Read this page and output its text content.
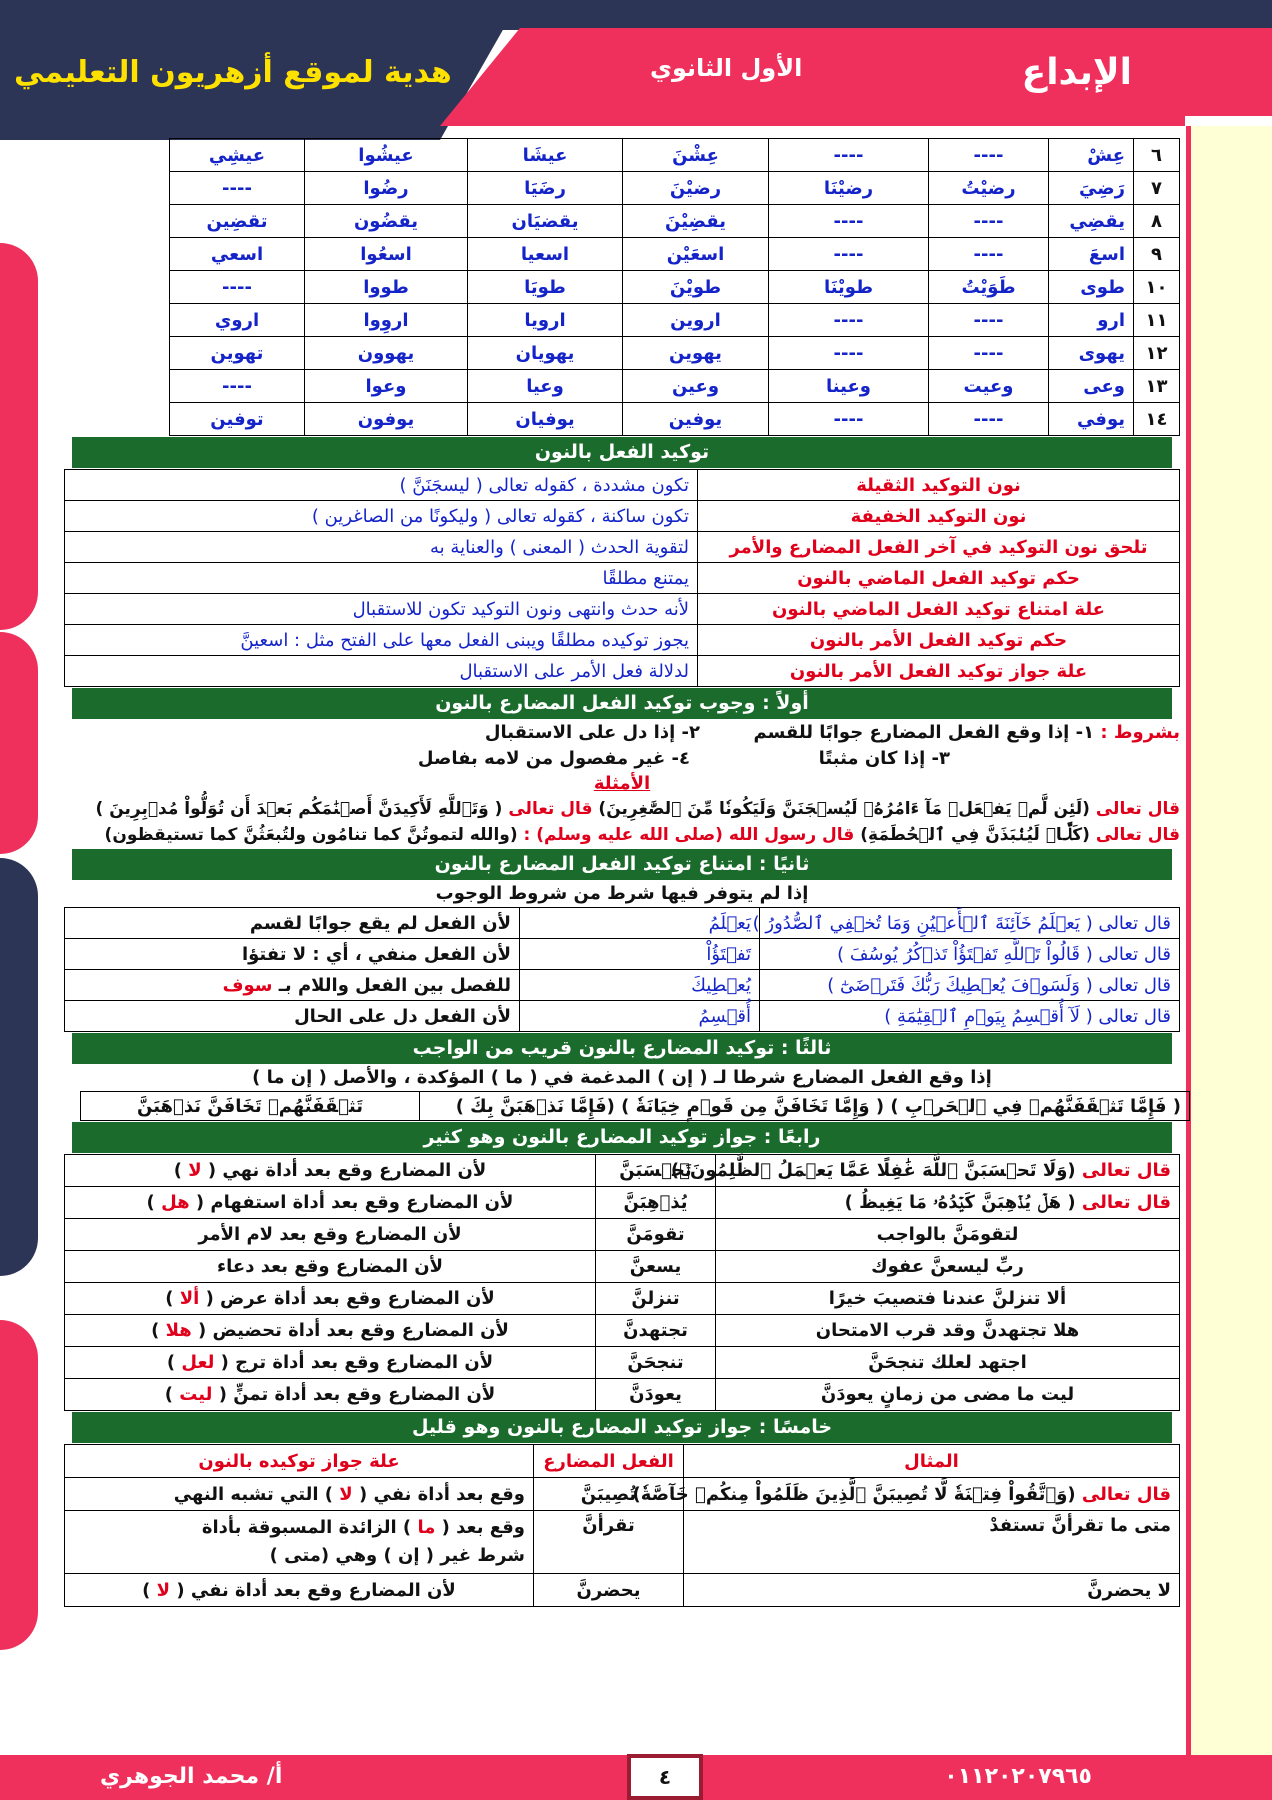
الإبداع
الأول الثانوي
هدية لموقع أزهريون التعليمي
٦	عِشْ	----	----	عِشْنَ	عيشَا	عيشُوا	عيشِي
٧	رَضِيَ	رضيْتُ	رضيْنَا	رضيْنَ	رضَيَا	رضُوا	----
٨	يقضِي	----	----	يقضِيْنَ	يقضيَان	يقضُون	تقضِين
٩	اسعَ	----	----	اسعَيْن	اسعيا	اسعُوا	اسعي
١٠	طوى	طَوَيْتُ	طويْنَا	طويْنَ	طويَا	طووا	----
١١	ارو	----	----	اروين	ارويا	اروِوا	اروي
١٢	يهوى	----	----	يهوين	يهويان	يهوون	تهوين
١٣	وعى	وعيت	وعينا	وعين	وعيا	وعوا	----
١٤	يوفي	----	----	يوفين	يوفيان	يوفون	توفين
توكيد الفعل بالنون
نون التوكيد الثقيلة	تكون مشددة ، كقوله تعالى ( ليسجَنَنَّ )
نون التوكيد الخفيفة	تكون ساكنة ، كقوله تعالى ( وليكونًا من الصاغرين )
تلحق نون التوكيد في آخر الفعل المضارع والأمر	لتقوية الحدث ( المعنى ) والعناية به
حكم توكيد الفعل الماضي بالنون	يمتنع مطلقًا
علة امتناع توكيد الفعل الماضي بالنون	لأنه حدث وانتهى ونون التوكيد تكون للاستقبال
حكم توكيد الفعل الأمر بالنون	يجوز توكيده مطلقًا ويبنى الفعل معها على الفتح مثل : اسعينَّ
علة جواز توكيد الفعل الأمر بالنون	لدلالة فعل الأمر على الاستقبال
أولاً : وجوب توكيد الفعل المضارع بالنون
بشروط : ١- إذا وقع الفعل المضارع جوابًا للقسم
٢- إذا دل على الاستقبال
٣- إذا كان مثبتًا
٤- غير مفصول من لامه بفاصل
الأمثلة
قال تعالى (لَئِن لَّمۡ يَفۡعَلۡ مَآ ءَامُرُهُۥ لَيُسۡجَنَنَّ وَلَيَكُونٗا مِّنَ ٱلصَّٰغِرِينَ) قال تعالى ( وَتَٱللَّهِ لَأَكِيدَنَّ أَصۡنَٰمَكُم بَعۡدَ أَن تُوَلُّواْ مُدۡبِرِينَ )
قال تعالى (كَلَّاۖ لَيُنۢبَذَنَّ فِي ٱلۡحُطَمَةِ) قال رسول الله (صلى الله عليه وسلم) : (والله لتموتُنَّ كما تنامُون ولتُبعَثُنَّ كما تستيقظون)
ثانيًا : امتناع توكيد الفعل المضارع بالنون
إذا لم يتوفر فيها شرط من شروط الوجوب
قال تعالى ( يَعۡلَمُ خَآئِنَةَ ٱلۡأَعۡيُنِ وَمَا تُخۡفِي ٱلصُّدُورُ )	يَعۡلَمُ	لأن الفعل لم يقع جوابًا لقسم
قال تعالى ( قَالُواْ تَٱللَّهِ تَفۡتَؤُاْ تَذۡكُرُ يُوسُفَ )	تَفۡتَؤُاْ	لأن الفعل منفي ، أي : لا تفتؤا
قال تعالى ( وَلَسَوۡفَ يُعۡطِيكَ رَبُّكَ فَتَرۡضَىٰٓ )	يُعۡطِيكَ	للفصل بين الفعل واللام بـ سوف
قال تعالى ( لَآ أُقۡسِمُ بِيَوۡمِ ٱلۡقِيَٰمَةِ )	أُقۡسِمُ	لأن الفعل دل على الحال
ثالثًا : توكيد المضارع بالنون قريب من الواجب
إذا وقع الفعل المضارع شرطا لـ ( إن ) المدغمة في ( ما ) المؤكدة ، والأصل ( إن ما )
( فَإِمَّا تَثۡقَفَنَّهُمۡ فِي ٱلۡحَرۡبِ ) ( وَإِمَّا تَخَافَنَّ مِن قَوۡمٍ خِيَانَةٗ ) (فَإِمَّا نَذۡهَبَنَّ بِكَ )	تَثۡقَفَنَّهُمۡ تَخَافَنَّ نَذۡهَبَنَّ
رابعًا : جواز توكيد المضارع بالنون وهو كثير
قال تعالى (وَلَا تَحۡسَبَنَّ ٱللَّهَ غَٰفِلًا عَمَّا يَعۡمَلُ ٱلظَّٰلِمُونَۚ)	تَحۡسَبَنَّ	لأن المضارع وقع بعد أداة نهي ( لا )
قال تعالى ( هَلۡ يُذۡهِبَنَّ كَيۡدُهُۥ مَا يَغِيظُ )	يُذۡهِبَنَّ	لأن المضارع وقع بعد أداة استفهام ( هل )
لتقومَنَّ بالواجب	تقومَنَّ	لأن المضارع وقع بعد لام الأمر
ربِّ ليسعنَّ عفوك	يسعنَّ	لأن المضارع وقع بعد دعاء
ألا تنزلنَّ عندنا فتصيبَ خيرًا	تنزلنَّ	لأن المضارع وقع بعد أداة عرض ( ألا )
هلا تجتهدنَّ وقد قرب الامتحان	تجتهدنَّ	لأن المضارع وقع بعد أداة تحضيض ( هلا )
اجتهد لعلك تنجحَنَّ	تنجحَنَّ	لأن المضارع وقع بعد أداة ترج ( لعل )
ليت ما مضى من زمانٍ يعودَنَّ	يعودَنَّ	لأن المضارع وقع بعد أداة تمنٍّ ( ليت )
خامسًا : جواز توكيد المضارع بالنون وهو قليل
المثال	الفعل المضارع	علة جواز توكيده بالنون
قال تعالى (وَٱتَّقُواْ فِتۡنَةٗ لَّا تُصِيبَنَّ ٱلَّذِينَ ظَلَمُواْ مِنكُمۡ خَآصَّةٗ)	تُصِيبَنَّ	وقع بعد أداة نفي ( لا ) التي تشبه النهي
متى ما تقرأنَّ تستفدْ	تقرأنَّ	وقع بعد ( ما ) الزائدة المسبوقة بأداة
شرط غير ( إن ) وهي (متى )
لا يحضرنَّ	يحضرنَّ	لأن المضارع وقع بعد أداة نفي ( لا )
أ/ محمد الجوهري	٤	٠١١٢٠٢٠٧٩٦٥
